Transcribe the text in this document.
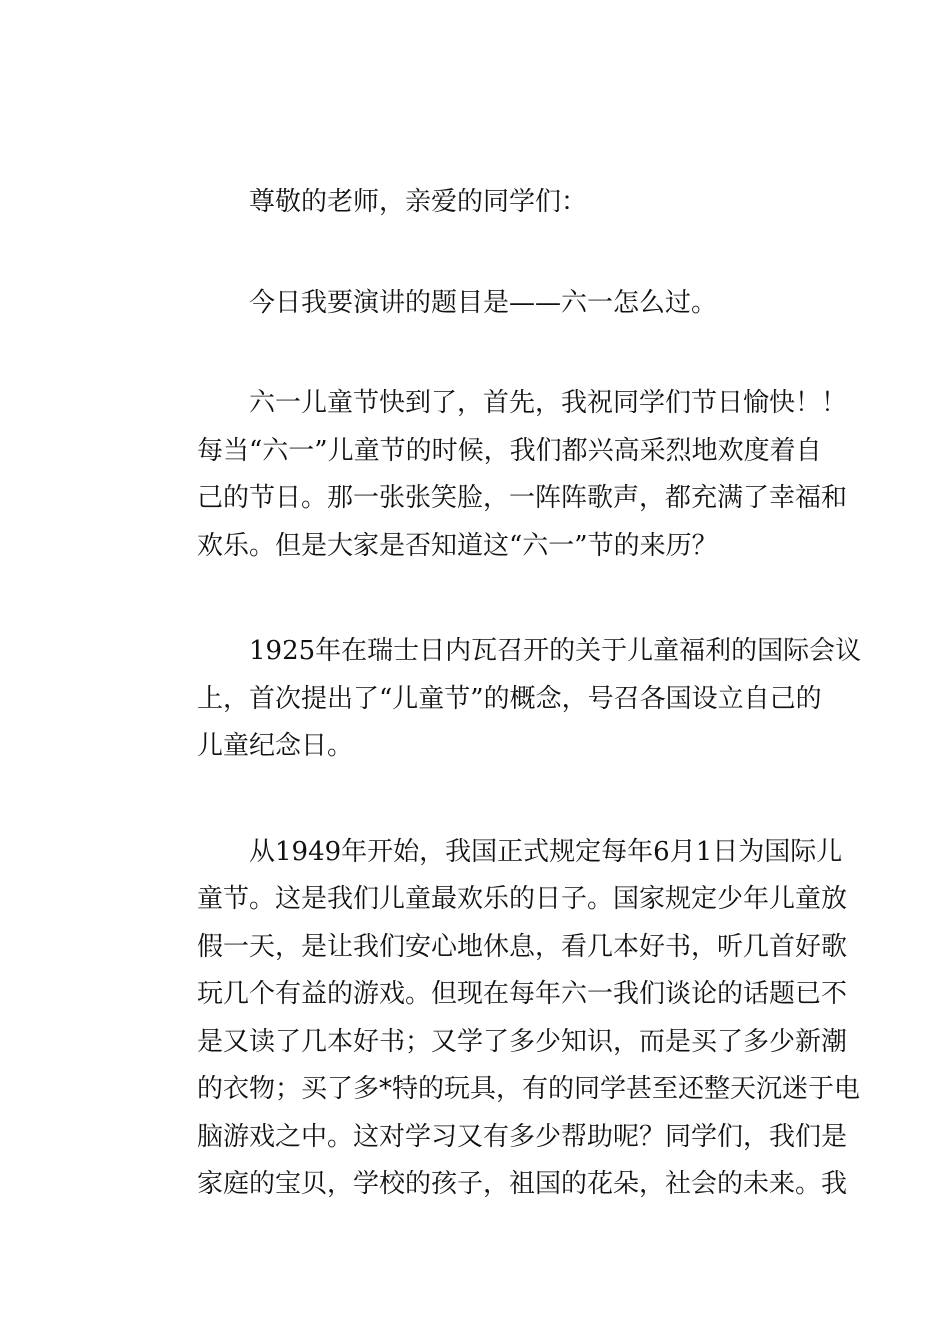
尊敬的老师，亲爱的同学们：
今日我要演讲的题目是——六一怎么过。
六一儿童节快到了，首先，我祝同学们节日愉快！！
每当“六一”儿童节的时候，我们都兴高采烈地欢度着自
己的节日。那一张张笑脸，一阵阵歌声，都充满了幸福和
欢乐。但是大家是否知道这“六一”节的来历？
1925年在瑞士日内瓦召开的关于儿童福利的国际会议
上，首次提出了“儿童节”的概念，号召各国设立自己的
儿童纪念日。
从1949年开始，我国正式规定每年6月1日为国际儿
童节。这是我们儿童最欢乐的日子。国家规定少年儿童放
假一天，是让我们安心地休息，看几本好书，听几首好歌
玩几个有益的游戏。但现在每年六一我们谈论的话题已不
是又读了几本好书；又学了多少知识，而是买了多少新潮
的衣物；买了多*特的玩具，有的同学甚至还整天沉迷于电
脑游戏之中。这对学习又有多少帮助呢？同学们，我们是
家庭的宝贝，学校的孩子，祖国的花朵，社会的未来。我
